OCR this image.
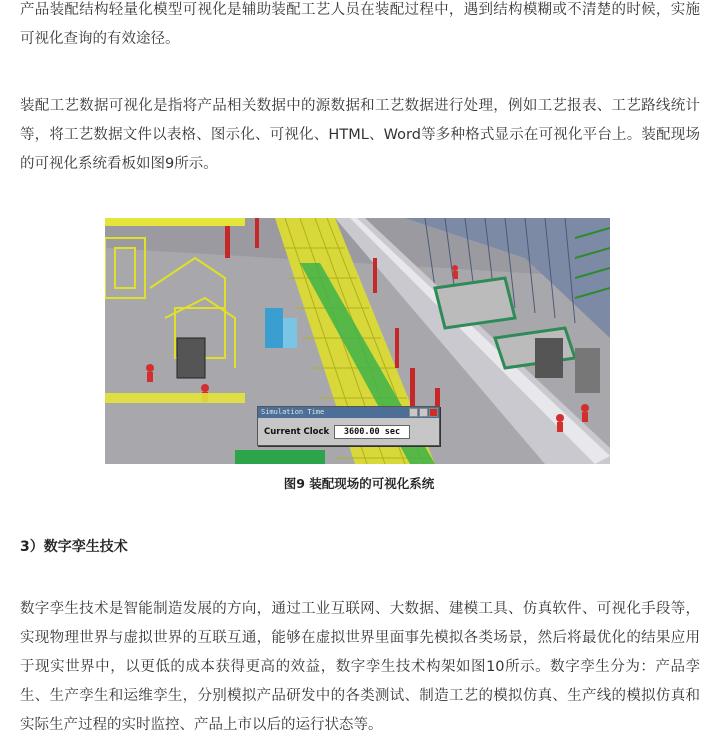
产品装配结构轻量化模型可视化是辅助装配工艺人员在装配过程中，遇到结构模糊或不清楚的时候，实施可视化查询的有效途径。

装配工艺数据可视化是指将产品相关数据中的源数据和工艺数据进行处理，例如工艺报表、工艺路线统计等，将工艺数据文件以表格、图示化、可视化、HTML、Word等多种格式显示在可视化平台上。装配现场的可视化系统看板如图9所示。

Simulation Time
Current Clock	3600.00 sec
图9 装配现场的可视化系统
3）数字孪生技术

数字孪生技术是智能制造发展的方向，通过工业互联网、大数据、建模工具、仿真软件、可视化手段等，实现物理世界与虚拟世界的互联互通，能够在虚拟世界里面事先模拟各类场景，然后将最优化的结果应用于现实世界中，以更低的成本获得更高的效益，数字孪生技术构架如图10所示。数字孪生分为：产品孪生、生产孪生和运维孪生，分别模拟产品研发中的各类测试、制造工艺的模拟仿真、生产线的模拟仿真和实际生产过程的实时监控、产品上市以后的运行状态等。
